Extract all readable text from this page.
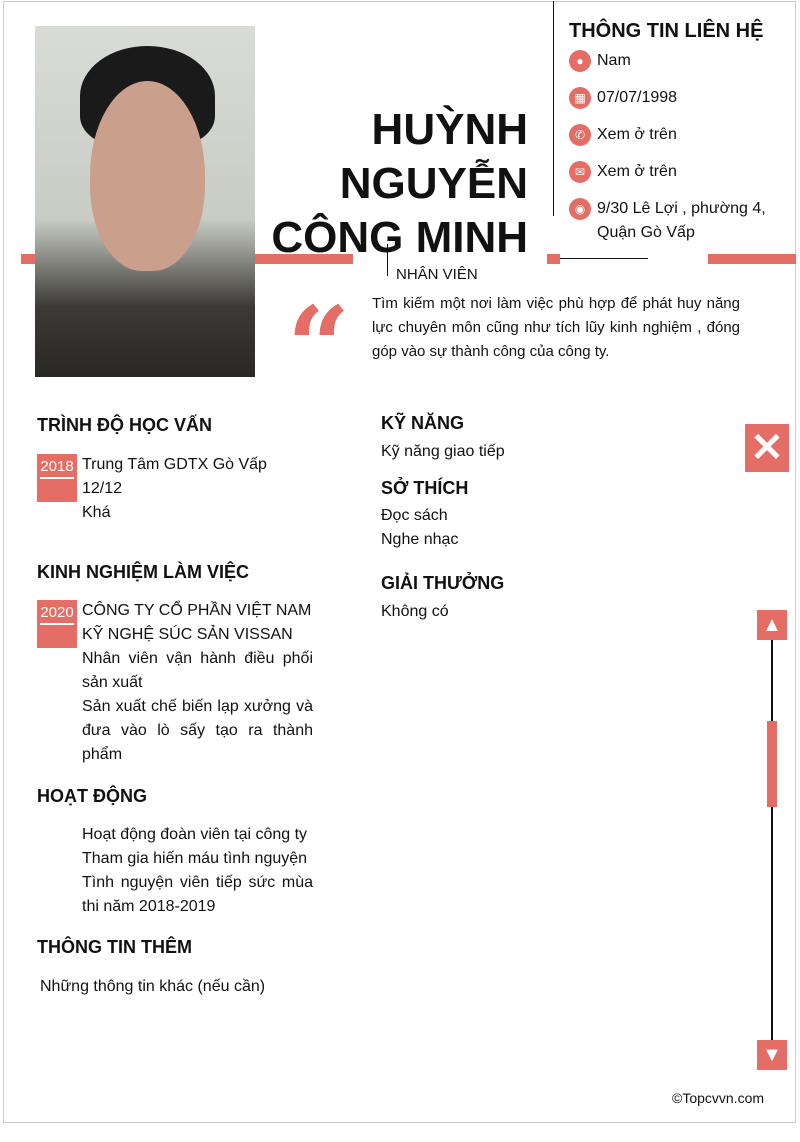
HUỲNH
NGUYỄN
CÔNG MINH
NHÂN VIÊN
“ Tìm kiếm một nơi làm việc phù hợp để phát huy năng lực chuyên môn cũng như tích lũy kinh nghiệm , đóng góp vào sự thành công của công ty.
THÔNG TIN LIÊN HỆ
● Nam
▦ 07/07/1998
✆ Xem ở trên
✉ Xem ở trên
◉ 9/30 Lê Lợi , phường 4, Quận Gò Vấp
TRÌNH ĐỘ HỌC VẤN
2018 Trung Tâm GDTX Gò Vấp
12/12
Khá
KINH NGHIỆM LÀM VIỆC
2020 CÔNG TY CỔ PHẦN VIỆT NAM KỸ NGHỆ SÚC SẢN VISSAN
Nhân viên vận hành điều phối sản xuất
Sản xuất chế biến lạp xưởng và đưa vào lò sấy tạo ra thành phẩm
HOẠT ĐỘNG
Hoạt động đoàn viên tại công ty
Tham gia hiến máu tình nguyện
Tình nguyện viên tiếp sức mùa thi năm 2018-2019
THÔNG TIN THÊM
Những thông tin khác (nếu cần)
KỸ NĂNG
Kỹ năng giao tiếp
SỞ THÍCH
Đọc sách
Nghe nhạc
GIẢI THƯỞNG
Không có
✕
▲
▼
©Topcvvn.com
